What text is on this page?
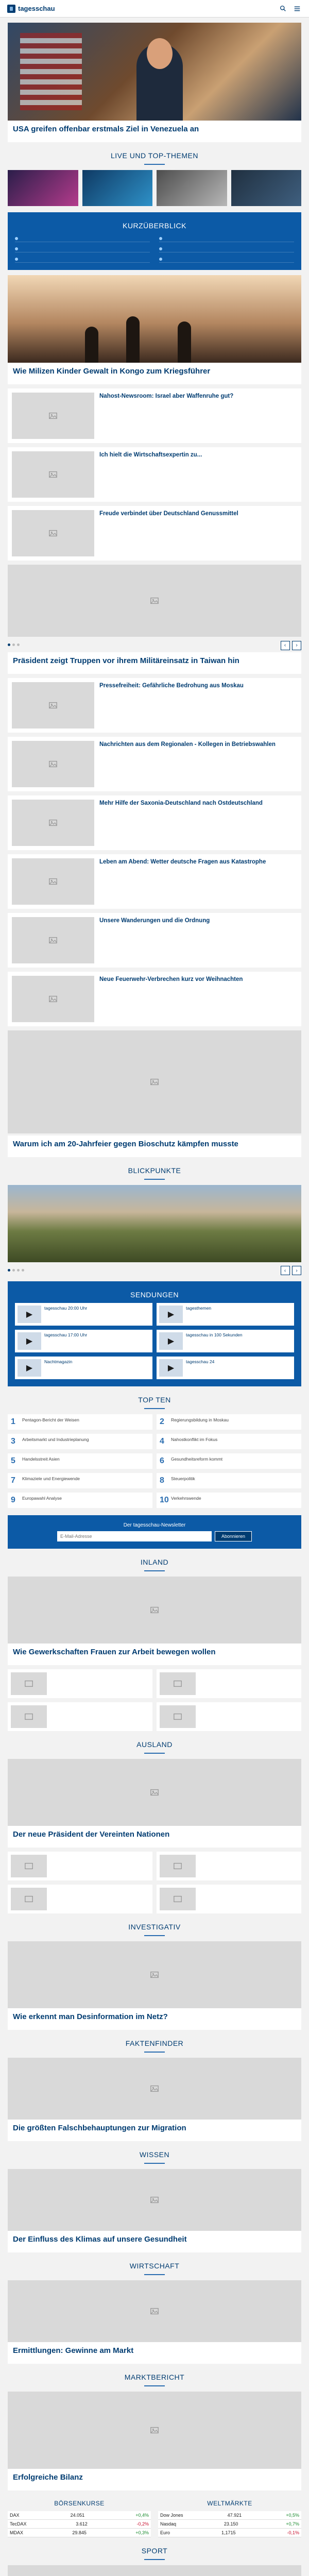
tagesschau
USA greifen offenbar erstmals Ziel in Venezuela an
LIVE UND TOP-THEMEN
KURZÜBERBLICK
Wie Milizen Kinder Gewalt in Kongo zum Kriegsführer
Nahost-Newsroom: Israel aber Waffenruhe gut?
Ich hielt die Wirtschaftsexpertin zu...
Freude verbindet über Deutschland Genussmittel
‹ ›
Präsident zeigt Truppen vor ihrem Militäreinsatz in Taiwan hin
Pressefreiheit: Gefährliche Bedrohung aus Moskau
Nachrichten aus dem Regionalen - Kollegen in Betriebswahlen
Mehr Hilfe der Saxonia-Deutschland nach Ostdeutschland
Leben am Abend: Wetter deutsche Fragen aus Katastrophe
Unsere Wanderungen und die Ordnung
Neue Feuerwehr-Verbrechen kurz vor Weihnachten
Warum ich am 20-Jahrfeier gegen Bioschutz kämpfen musste
BLICKPUNKTE
‹ ›
SENDUNGEN
▶
tagesschau 20:00 Uhr
▶
tagesthemen
▶
tagesschau 17:00 Uhr
▶
tagesschau in 100 Sekunden
▶
Nachtmagazin
▶
tagesschau 24
TOP TEN
1	Pentagon-Bericht der Weisen	2	Regierungsbildung in Moskau
3	Arbeitsmarkt und Industrieplanung	4	Nahostkonflikt im Fokus
5	Handelsstreit Asien	6	Gesundheitsreform kommt
7	Klimaziele und Energiewende	8	Steuerpolitik
9	Europawahl Analyse	10 Verkehrswende
Der tagesschau-Newsletter
E-Mail-Adresse
Abonnieren
INLAND
Wie Gewerkschaften Frauen zur Arbeit bewegen wollen
AUSLAND
Der neue Präsident der Vereinten Nationen
INVESTIGATIV
Wie erkennt man Desinformation im Netz?
FAKTENFINDER
Die größten Falschbehauptungen zur Migration
WISSEN
Der Einfluss des Klimas auf unsere Gesundheit
WIRTSCHAFT
Ermittlungen: Gewinne am Markt
MARKTBERICHT
Erfolgreiche Bilanz
BÖRSENKURSE
DAX	24.051	+0,4%
TecDAX	3.612	-0,2%
MDAX	29.845	+0,3%
WELTMÄRKTE
Dow Jones	47.921	+0,5%
Nasdaq	23.150	+0,7%
Euro	1,1715	-0,1%
SPORT
